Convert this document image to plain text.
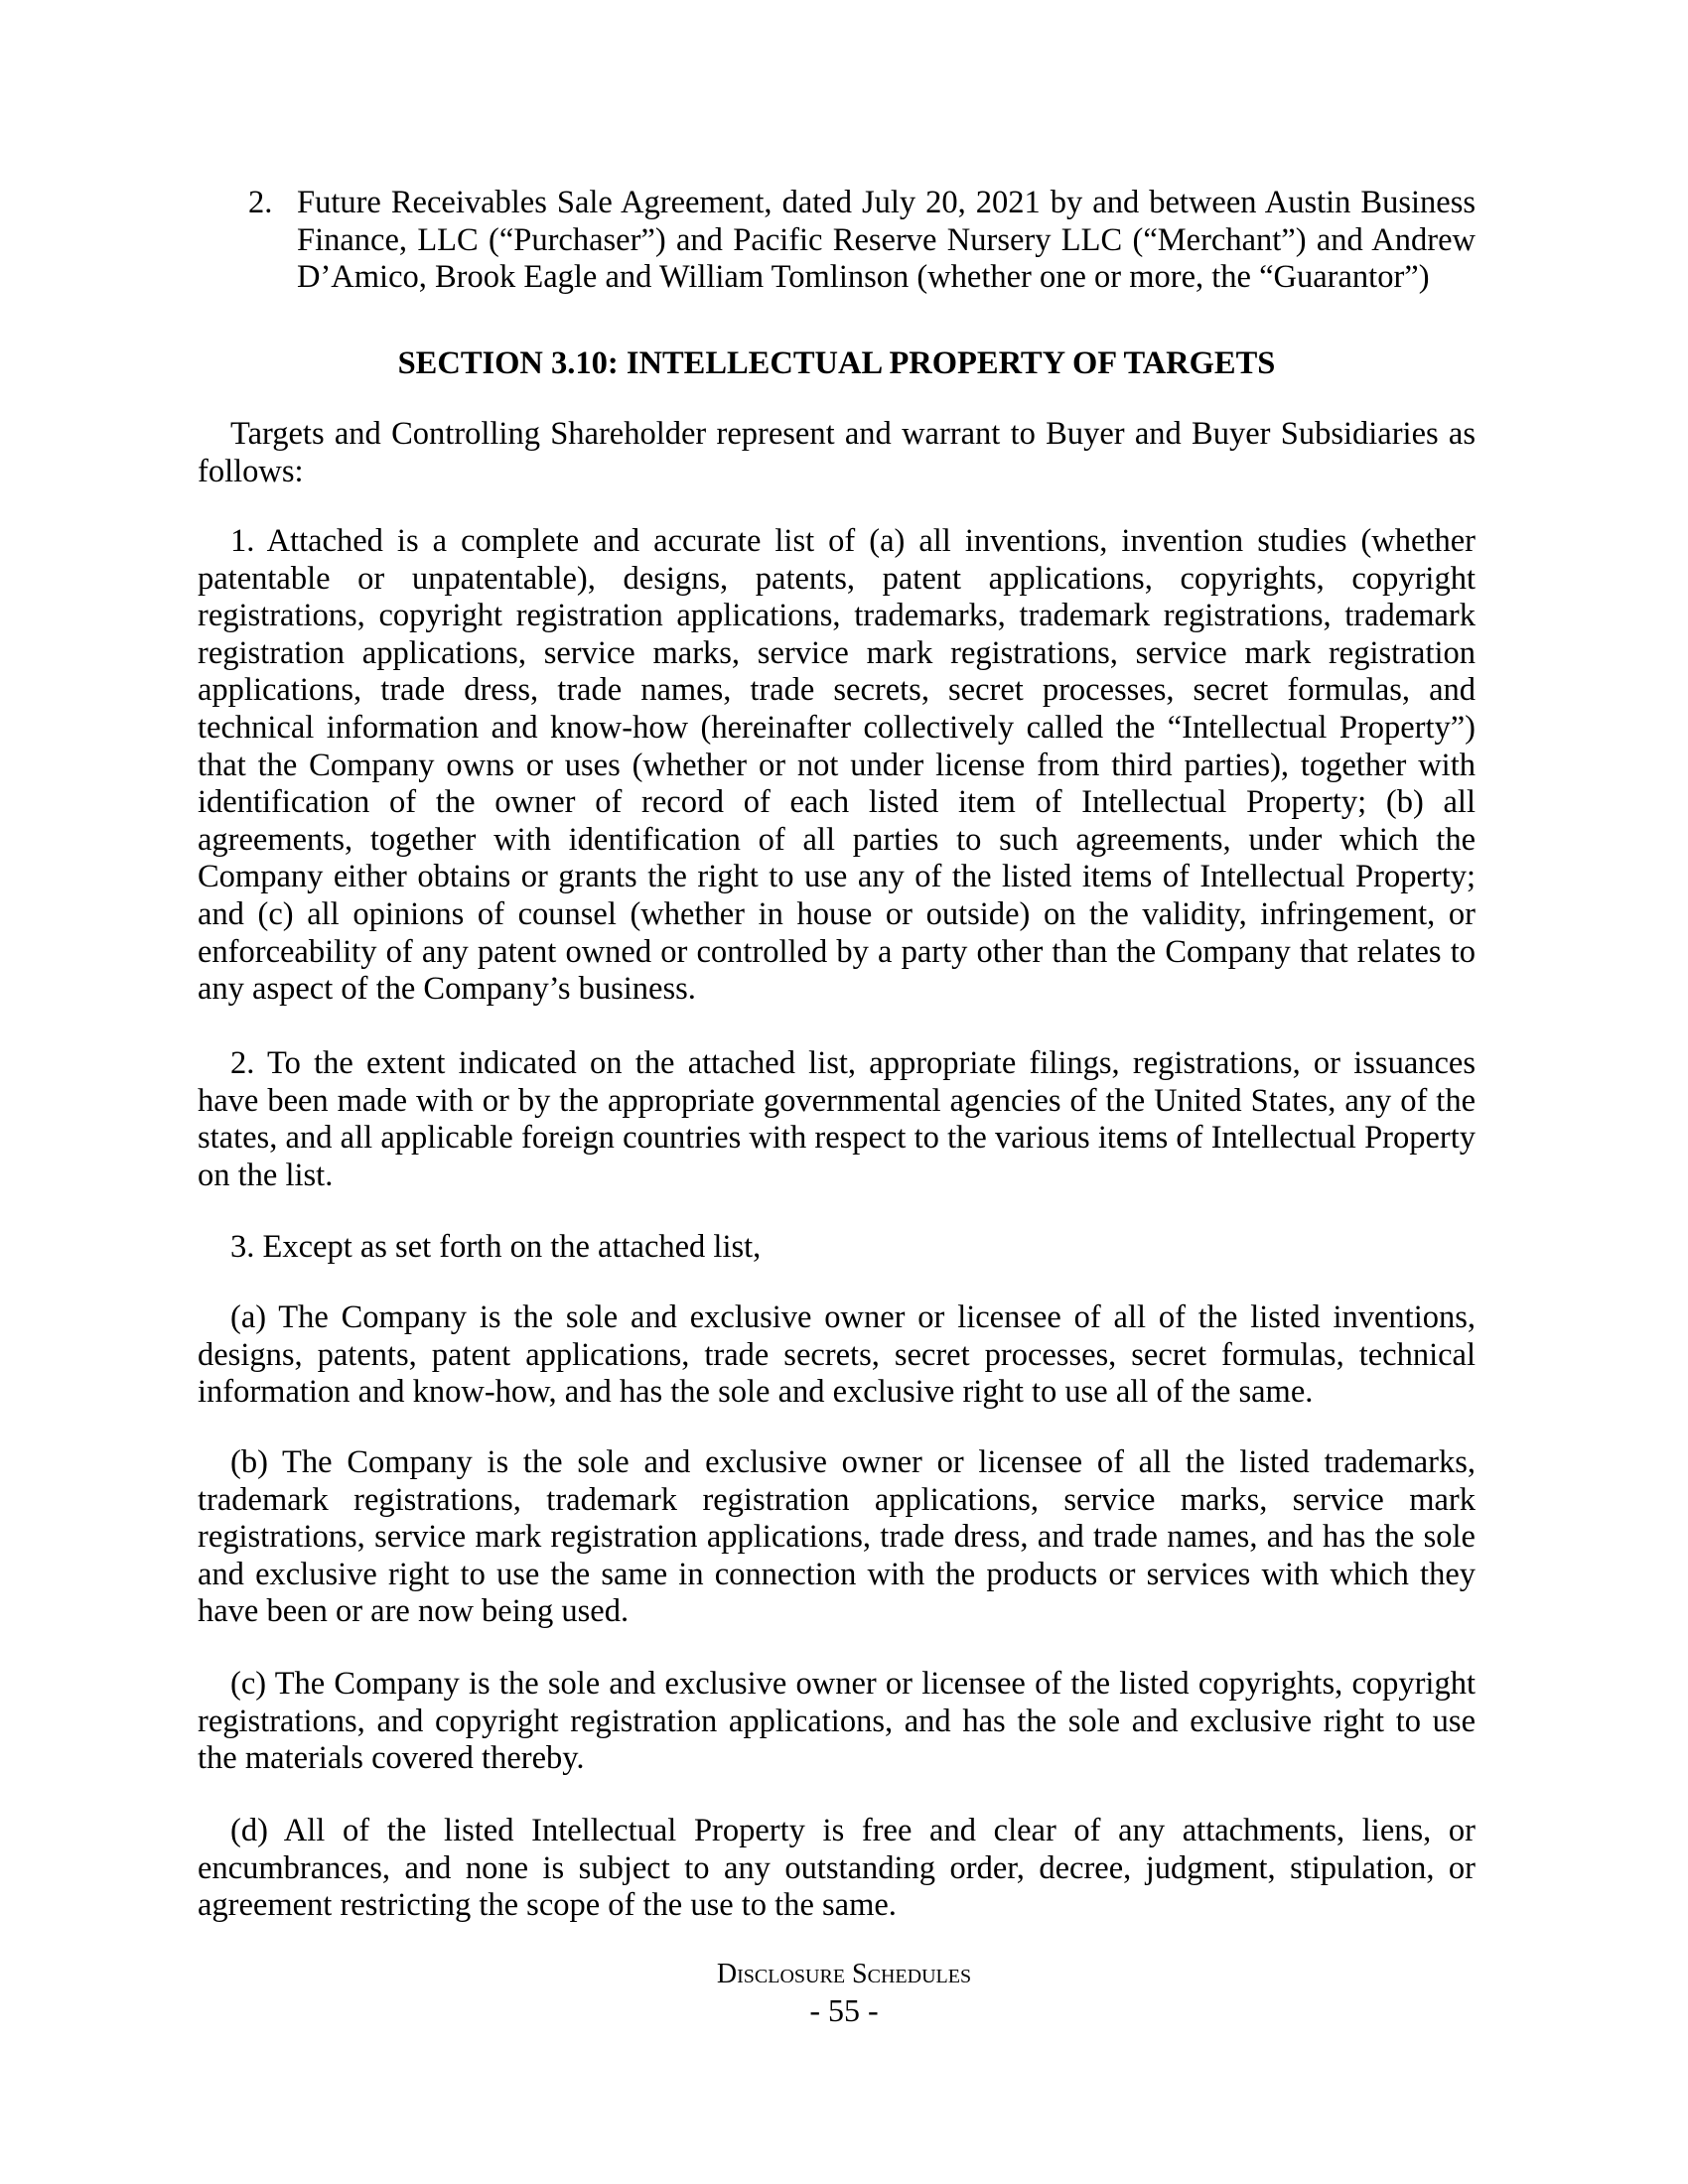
2. Future Receivables Sale Agreement, dated July 20, 2021 by and between Austin Business Finance, LLC (“Purchaser”) and Pacific Reserve Nursery LLC (“Merchant”) and Andrew D’Amico, Brook Eagle and William Tomlinson (whether one or more, the “Guarantor”)
SECTION 3.10: INTELLECTUAL PROPERTY OF TARGETS

Targets and Controlling Shareholder represent and warrant to Buyer and Buyer Subsidiaries as follows:

1. Attached is a complete and accurate list of (a) all inventions, invention studies (whether patentable or unpatentable), designs, patents, patent applications, copyrights, copyright registrations, copyright registration applications, trademarks, trademark registrations, trademark registration applications, service marks, service mark registrations, service mark registration applications, trade dress, trade names, trade secrets, secret processes, secret formulas, and technical information and know-how (hereinafter collectively called the “Intellectual Property”) that the Company owns or uses (whether or not under license from third parties), together with identification of the owner of record of each listed item of Intellectual Property; (b) all agreements, together with identification of all parties to such agreements, under which the Company either obtains or grants the right to use any of the listed items of Intellectual Property; and (c) all opinions of counsel (whether in house or outside) on the validity, infringement, or enforceability of any patent owned or controlled by a party other than the Company that relates to any aspect of the Company’s business.

2. To the extent indicated on the attached list, appropriate filings, registrations, or issuances have been made with or by the appropriate governmental agencies of the United States, any of the states, and all applicable foreign countries with respect to the various items of Intellectual Property on the list.

3. Except as set forth on the attached list,

(a) The Company is the sole and exclusive owner or licensee of all of the listed inventions, designs, patents, patent applications, trade secrets, secret processes, secret formulas, technical information and know-how, and has the sole and exclusive right to use all of the same.

(b) The Company is the sole and exclusive owner or licensee of all the listed trademarks, trademark registrations, trademark registration applications, service marks, service mark registrations, service mark registration applications, trade dress, and trade names, and has the sole and exclusive right to use the same in connection with the products or services with which they have been or are now being used.

(c) The Company is the sole and exclusive owner or licensee of the listed copyrights, copyright registrations, and copyright registration applications, and has the sole and exclusive right to use the materials covered thereby.

(d) All of the listed Intellectual Property is free and clear of any attachments, liens, or encumbrances, and none is subject to any outstanding order, decree, judgment, stipulation, or agreement restricting the scope of the use to the same.

Disclosure Schedules
- 55 -
